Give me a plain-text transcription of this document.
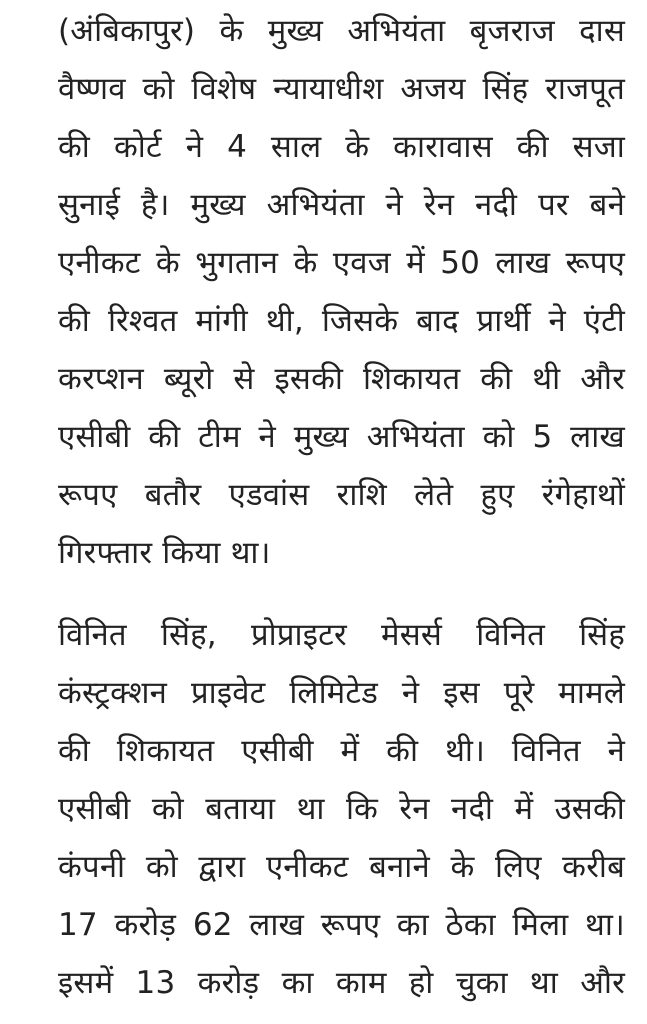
(अंबिकापुर) के मुख्य अभियंता बृजराज दास
वैष्णव को विशेष न्यायाधीश अजय सिंह राजपूत
की कोर्ट ने 4 साल के कारावास की सजा
सुनाई है। मुख्य अभियंता ने रेन नदी पर बने
एनीकट के भुगतान के एवज में 50 लाख रूपए
की रिश्वत मांगी थी, जिसके बाद प्रार्थी ने एंटी
करप्शन ब्यूरो से इसकी शिकायत की थी और
एसीबी की टीम ने मुख्य अभियंता को 5 लाख
रूपए बतौर एडवांस राशि लेते हुए रंगेहाथों
गिरफ्तार किया था।
विनित सिंह, प्रोप्राइटर मेसर्स विनित सिंह
कंस्ट्रक्शन प्राइवेट लिमिटेड ने इस पूरे मामले
की शिकायत एसीबी में की थी। विनित ने
एसीबी को बताया था कि रेन नदी में उसकी
कंपनी को द्वारा एनीकट बनाने के लिए करीब
17 करोड़ 62 लाख रूपए का ठेका मिला था।
इसमें 13 करोड़ का काम हो चुका था और
